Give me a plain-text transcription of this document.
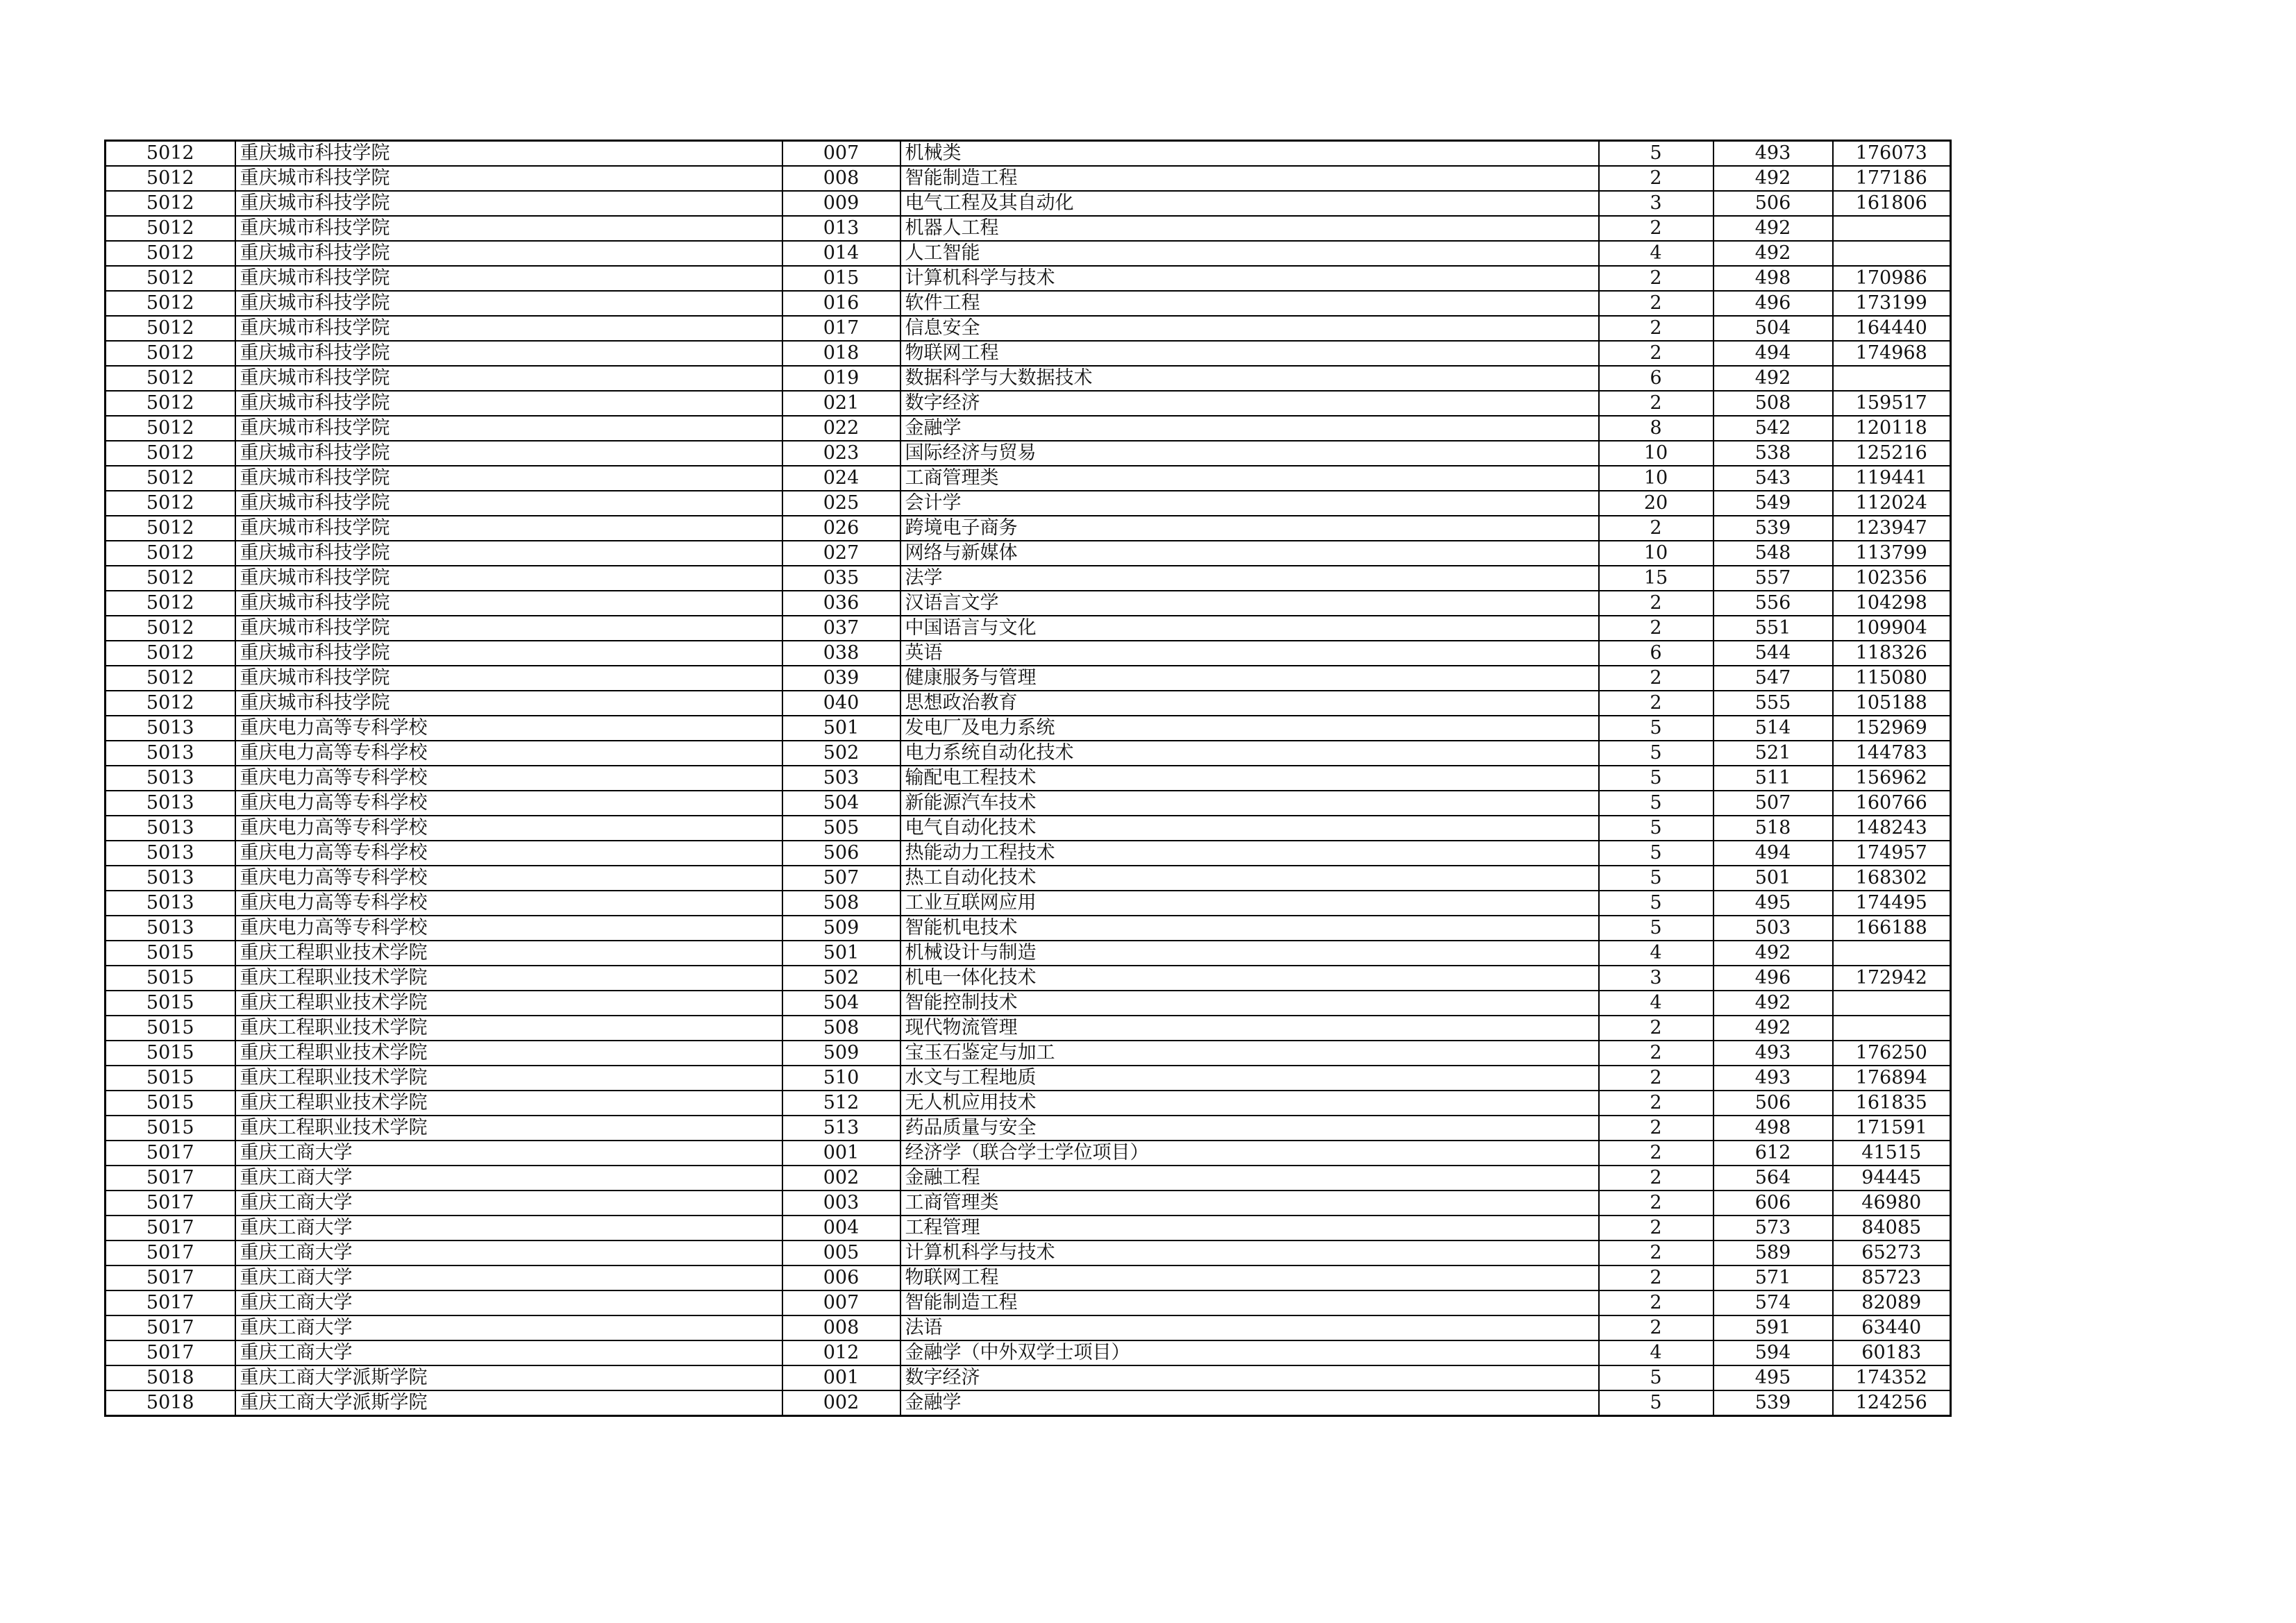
5012	重庆城市科技学院	007	机械类	5	493	176073
5012	重庆城市科技学院	008	智能制造工程	2	492	177186
5012	重庆城市科技学院	009	电气工程及其自动化	3	506	161806
5012	重庆城市科技学院	013	机器人工程	2	492	
5012	重庆城市科技学院	014	人工智能	4	492	
5012	重庆城市科技学院	015	计算机科学与技术	2	498	170986
5012	重庆城市科技学院	016	软件工程	2	496	173199
5012	重庆城市科技学院	017	信息安全	2	504	164440
5012	重庆城市科技学院	018	物联网工程	2	494	174968
5012	重庆城市科技学院	019	数据科学与大数据技术	6	492	
5012	重庆城市科技学院	021	数字经济	2	508	159517
5012	重庆城市科技学院	022	金融学	8	542	120118
5012	重庆城市科技学院	023	国际经济与贸易	10	538	125216
5012	重庆城市科技学院	024	工商管理类	10	543	119441
5012	重庆城市科技学院	025	会计学	20	549	112024
5012	重庆城市科技学院	026	跨境电子商务	2	539	123947
5012	重庆城市科技学院	027	网络与新媒体	10	548	113799
5012	重庆城市科技学院	035	法学	15	557	102356
5012	重庆城市科技学院	036	汉语言文学	2	556	104298
5012	重庆城市科技学院	037	中国语言与文化	2	551	109904
5012	重庆城市科技学院	038	英语	6	544	118326
5012	重庆城市科技学院	039	健康服务与管理	2	547	115080
5012	重庆城市科技学院	040	思想政治教育	2	555	105188
5013	重庆电力高等专科学校	501	发电厂及电力系统	5	514	152969
5013	重庆电力高等专科学校	502	电力系统自动化技术	5	521	144783
5013	重庆电力高等专科学校	503	输配电工程技术	5	511	156962
5013	重庆电力高等专科学校	504	新能源汽车技术	5	507	160766
5013	重庆电力高等专科学校	505	电气自动化技术	5	518	148243
5013	重庆电力高等专科学校	506	热能动力工程技术	5	494	174957
5013	重庆电力高等专科学校	507	热工自动化技术	5	501	168302
5013	重庆电力高等专科学校	508	工业互联网应用	5	495	174495
5013	重庆电力高等专科学校	509	智能机电技术	5	503	166188
5015	重庆工程职业技术学院	501	机械设计与制造	4	492	
5015	重庆工程职业技术学院	502	机电一体化技术	3	496	172942
5015	重庆工程职业技术学院	504	智能控制技术	4	492	
5015	重庆工程职业技术学院	508	现代物流管理	2	492	
5015	重庆工程职业技术学院	509	宝玉石鉴定与加工	2	493	176250
5015	重庆工程职业技术学院	510	水文与工程地质	2	493	176894
5015	重庆工程职业技术学院	512	无人机应用技术	2	506	161835
5015	重庆工程职业技术学院	513	药品质量与安全	2	498	171591
5017	重庆工商大学	001	经济学（联合学士学位项目）	2	612	41515
5017	重庆工商大学	002	金融工程	2	564	94445
5017	重庆工商大学	003	工商管理类	2	606	46980
5017	重庆工商大学	004	工程管理	2	573	84085
5017	重庆工商大学	005	计算机科学与技术	2	589	65273
5017	重庆工商大学	006	物联网工程	2	571	85723
5017	重庆工商大学	007	智能制造工程	2	574	82089
5017	重庆工商大学	008	法语	2	591	63440
5017	重庆工商大学	012	金融学（中外双学士项目）	4	594	60183
5018	重庆工商大学派斯学院	001	数字经济	5	495	174352
5018	重庆工商大学派斯学院	002	金融学	5	539	124256
